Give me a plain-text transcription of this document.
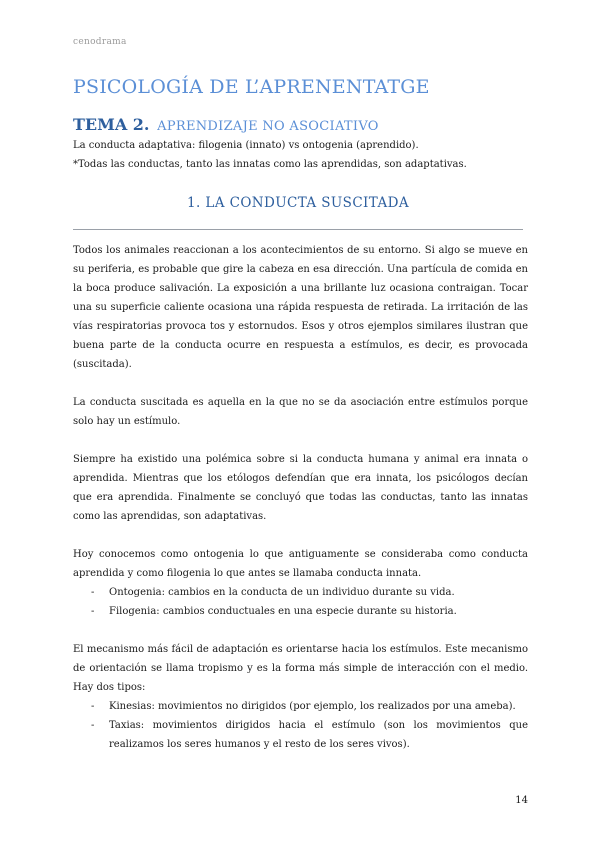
cenodrama
PSICOLOGÍA DE L’APRENENTATGE
TEMA 2. APRENDIZAJE NO ASOCIATIVO

La conducta adaptativa: filogenia (innato) vs ontogenia (aprendido).

*Todas las conductas, tanto las innatas como las aprendidas, son adaptativas.

1. LA CONDUCTA SUSCITADA

Todos los animales reaccionan a los acontecimientos de su entorno. Si algo se mueve en su periferia, es probable que gire la cabeza en esa dirección. Una partícula de comida en la boca produce salivación. La exposición a una brillante luz ocasiona contraigan. Tocar una su superficie caliente ocasiona una rápida respuesta de retirada. La irritación de las vías respiratorias provoca tos y estornudos. Esos y otros ejemplos similares ilustran que buena parte de la conducta ocurre en respuesta a estímulos, es decir, es provocada (suscitada).

La conducta suscitada es aquella en la que no se da asociación entre estímulos porque solo hay un estímulo.

Siempre ha existido una polémica sobre si la conducta humana y animal era innata o aprendida. Mientras que los etólogos defendían que era innata, los psicólogos decían que era aprendida. Finalmente se concluyó que todas las conductas, tanto las innatas como las aprendidas, son adaptativas.

Hoy conocemos como ontogenia lo que antiguamente se consideraba como conducta aprendida y como filogenia lo que antes se llamaba conducta innata.

- Ontogenia: cambios en la conducta de un individuo durante su vida.
- Filogenia: cambios conductuales en una especie durante su historia.

El mecanismo más fácil de adaptación es orientarse hacia los estímulos. Este mecanismo de orientación se llama tropismo y es la forma más simple de interacción con el medio. Hay dos tipos:

- Kinesias: movimientos no dirigidos (por ejemplo, los realizados por una ameba).
- Taxias: movimientos dirigidos hacia el estímulo (son los movimientos que realizamos los seres humanos y el resto de los seres vivos).
14
